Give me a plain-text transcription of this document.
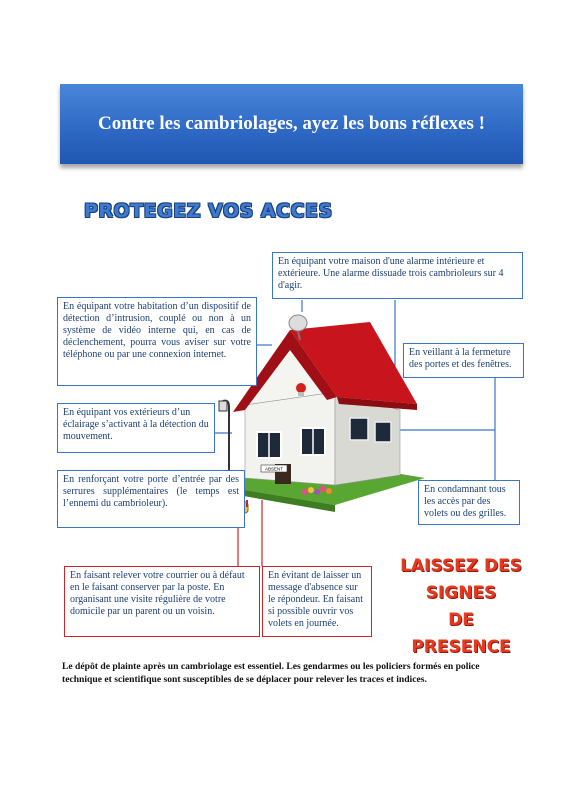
Contre les cambriolages, ayez les bons réflexes !
PROTEGEZ VOS ACCES
ABSENT
En équipant votre maison d'une alarme intérieure et extérieure. Une alarme dissuade trois cambrioleurs sur 4 d'agir.
En équipant votre habitation d’un dispositif de détection d’intrusion, couplé ou non à un système de vidéo interne qui, en cas de déclenchement, pourra vous aviser sur votre téléphone ou par une connexion internet.	En veillant à la fermeture des portes et des fenêtres.
En équipant vos extérieurs d’un éclairage s’activant à la détection du mouvement.
En renforçant votre porte d’entrée par des serrures supplémentaires (le temps est l’ennemi du cambrioleur).
En condamnant tous les accès par des volets ou des grilles.
En faisant relever votre courrier ou à défaut en le faisant conserver par la poste. En organisant une visite régulière de votre domicile par un parent ou un voisin.
En évitant de laisser un message d'absence sur le répondeur. En faisant si possible ouvrir vos volets en journée.
LAISSEZ DES
SIGNES
DE PRESENCE
Le dépôt de plainte après un cambriolage est essentiel. Les gendarmes ou les policiers formés en police technique et scientifique sont susceptibles de se déplacer pour relever les traces et indices.
